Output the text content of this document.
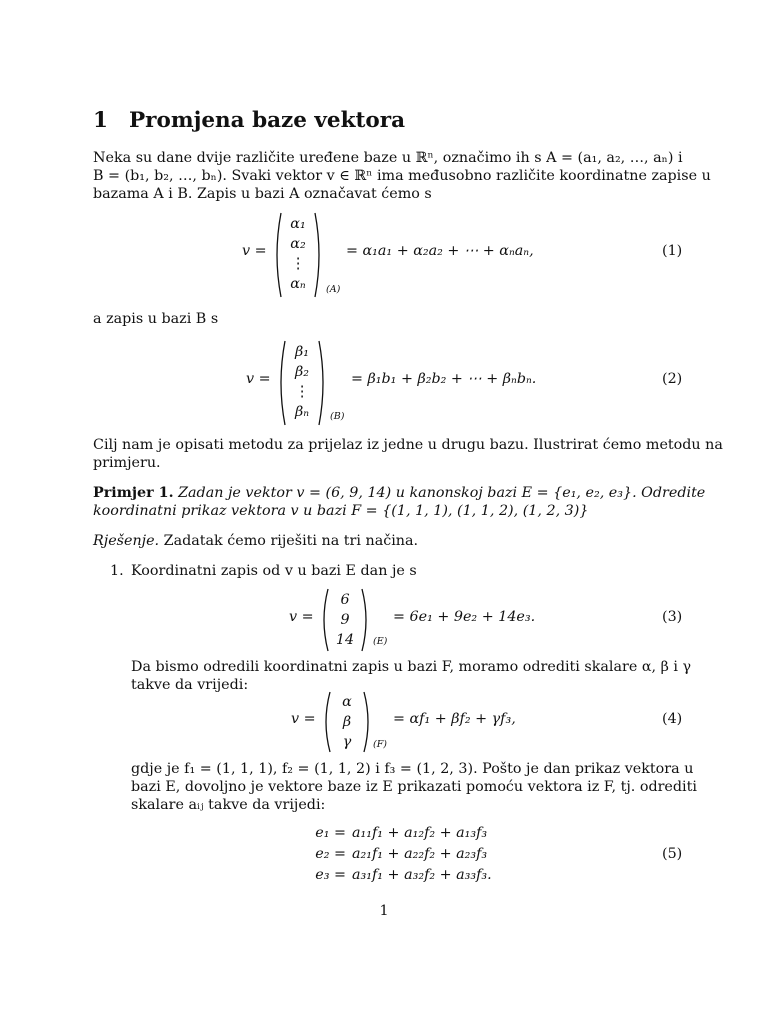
1 Promjena baze vektora
Neka su dane dvije različite uređene baze u ℝⁿ, označimo ih s A = (a₁, a₂, …, aₙ) i
B = (b₁, b₂, …, bₙ). Svaki vektor v ∈ ℝⁿ ima međusobno različite koordinatne zapise u
bazama A i B. Zapis u bazi A označavat ćemo s
v =
α₁
α₂
⋮
αₙ	(A)
= α₁a₁ + α₂a₂ + ⋯ + αₙaₙ,	(1)
a zapis u bazi B s
v =
β₁
β₂
⋮
βₙ	(B)
= β₁b₁ + β₂b₂ + ⋯ + βₙbₙ.	(2)
Cilj nam je opisati metodu za prijelaz iz jedne u drugu bazu. Ilustrirat ćemo metodu na
primjeru.
Primjer 1. Zadan je vektor v = (6, 9, 14) u kanonskoj bazi E = {e₁, e₂, e₃}. Odredite
koordinatni prikaz vektora v u bazi F = {(1, 1, 1), (1, 1, 2), (1, 2, 3)}
Rješenje. Zadatak ćemo riješiti na tri načina.
1. Koordinatni zapis od v u bazi E dan je s
v =
6
9
14	(E)
= 6e₁ + 9e₂ + 14e₃.	(3)
Da bismo odredili koordinatni zapis u bazi F, moramo odrediti skalare α, β i γ
takve da vrijedi:
v =
α
β
γ	(F)
= αf₁ + βf₂ + γf₃,	(4)
gdje je f₁ = (1, 1, 1), f₂ = (1, 1, 2) i f₃ = (1, 2, 3). Pošto je dan prikaz vektora u
bazi E, dovoljno je vektore baze iz E prikazati pomoću vektora iz F, tj. odrediti
skalare aᵢⱼ takve da vrijedi:
e₁ = a₁₁f₁ + a₁₂f₂ + a₁₃f₃
e₂ = a₂₁f₁ + a₂₂f₂ + a₂₃f₃
e₃ = a₃₁f₁ + a₃₂f₂ + a₃₃f₃.
(5)
1
